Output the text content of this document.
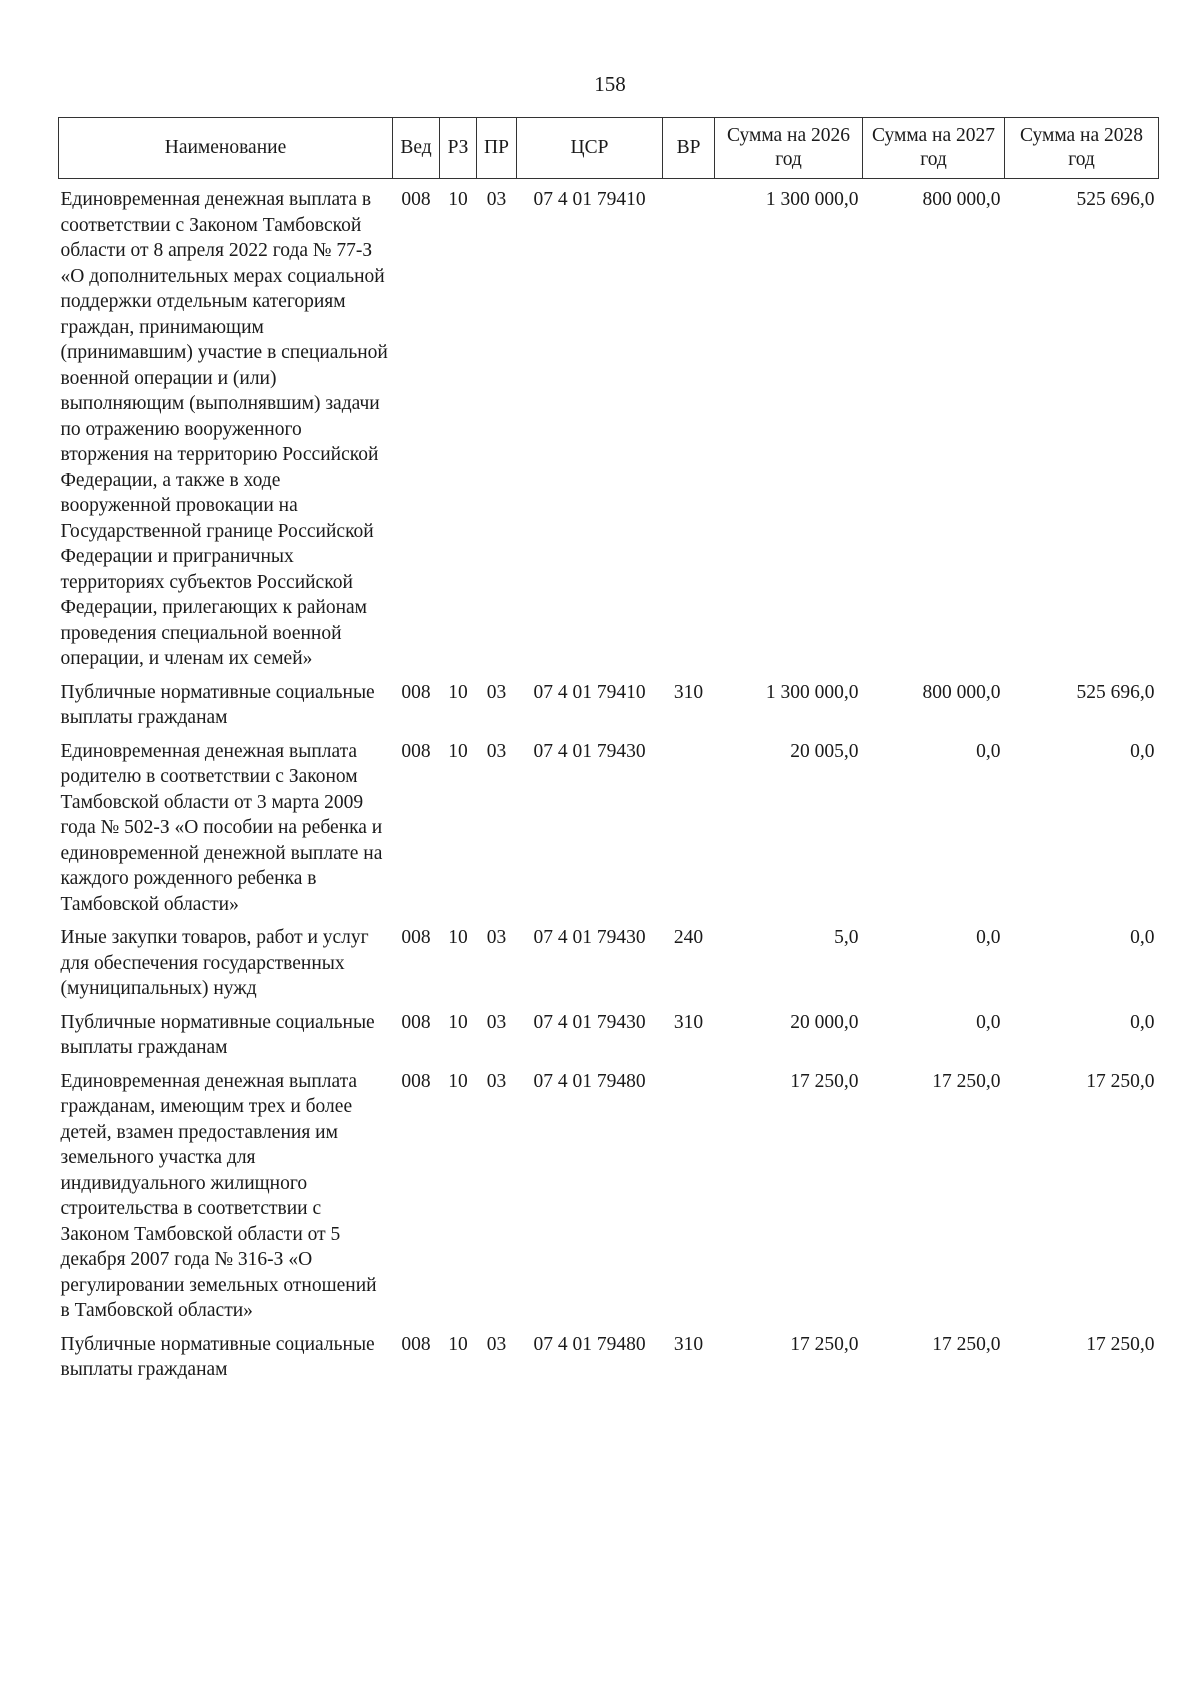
158
Наименование	Вед	РЗ	ПР	ЦСР	ВР	Сумма на 2026 год	Сумма на 2027 год	Сумма на 2028 год
Единовременная денежная выплата в соответствии с Законом Тамбовской области от 8 апреля 2022 года № 77-З «О дополнительных мерах социальной поддержки отдельным категориям граждан, принимающим (принимавшим) участие в специальной военной операции и (или) выполняющим (выполнявшим) задачи по отражению вооруженного вторжения на территорию Российской Федерации, а также в ходе вооруженной провокации на Государственной границе Российской Федерации и приграничных территориях субъектов Российской Федерации, прилегающих к районам проведения специальной военной операции, и членам их семей»	008	10	03	07 4 01 79410		1 300 000,0	800 000,0	525 696,0
Публичные нормативные социальные выплаты гражданам	008	10	03	07 4 01 79410	310	1 300 000,0	800 000,0	525 696,0
Единовременная денежная выплата родителю в соответствии с Законом Тамбовской области от 3 марта 2009 года № 502-З «О пособии на ребенка и единовременной денежной выплате на каждого рожденного ребенка в Тамбовской области»	008	10	03	07 4 01 79430		20 005,0	0,0	0,0
Иные закупки товаров, работ и услуг для обеспечения государственных (муниципальных) нужд	008	10	03	07 4 01 79430	240	5,0	0,0	0,0
Публичные нормативные социальные выплаты гражданам	008	10	03	07 4 01 79430	310	20 000,0	0,0	0,0
Единовременная денежная выплата гражданам, имеющим трех и более детей, взамен предоставления им земельного участка для индивидуального жилищного строительства в соответствии с Законом Тамбовской области от 5 декабря 2007 года № 316-З «О регулировании земельных отношений в Тамбовской области»	008	10	03	07 4 01 79480		17 250,0	17 250,0	17 250,0
Публичные нормативные социальные выплаты гражданам	008	10	03	07 4 01 79480	310	17 250,0	17 250,0	17 250,0
